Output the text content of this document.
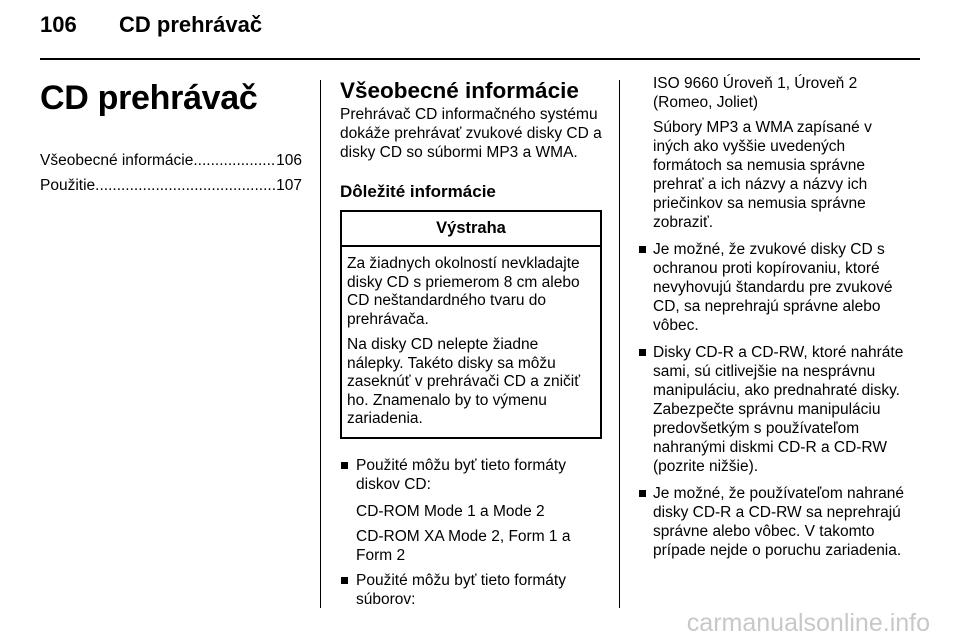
106 CD prehrávač
CD prehrávač
Všeobecné informácie .....	106
Použitie .....	107
Všeobecné informácie

Prehrávač CD informačného systému dokáže prehrávať zvukové disky CD a disky CD so súbormi MP3 a WMA.

Dôležité informácie
Výstraha

Za žiadnych okolností nevkladajte disky CD s priemerom 8 cm alebo CD neštandardného tvaru do prehrávača.

Na disky CD nelepte žiadne nálepky. Takéto disky sa môžu zaseknúť v prehrávači CD a zničiť ho. Znamenalo by to výmenu zariadenia.

Použité môžu byť tieto formáty diskov CD:
CD-ROM Mode 1 a Mode 2
CD-ROM XA Mode 2, Form 1 a Form 2
Použité môžu byť tieto formáty súborov:
ISO 9660 Úroveň 1, Úroveň 2 (Romeo, Joliet)
Súbory MP3 a WMA zapísané v iných ako vyššie uvedených formátoch sa nemusia správne prehrať a ich názvy a názvy ich priečinkov sa nemusia správne zobraziť.
Je možné, že zvukové disky CD s ochranou proti kopírovaniu, ktoré nevyhovujú štandardu pre zvukové CD, sa neprehrajú správne alebo vôbec.
Disky CD-R a CD-RW, ktoré nahráte sami, sú citlivejšie na nesprávnu manipuláciu, ako prednahraté disky. Zabezpečte správnu manipuláciu predovšetkým s používateľom nahranými diskmi CD-R a CD-RW (pozrite nižšie).
Je možné, že používateľom nahrané disky CD-R a CD-RW sa neprehrajú správne alebo vôbec. V takomto prípade nejde o poruchu zariadenia.
carmanualsonline.info
